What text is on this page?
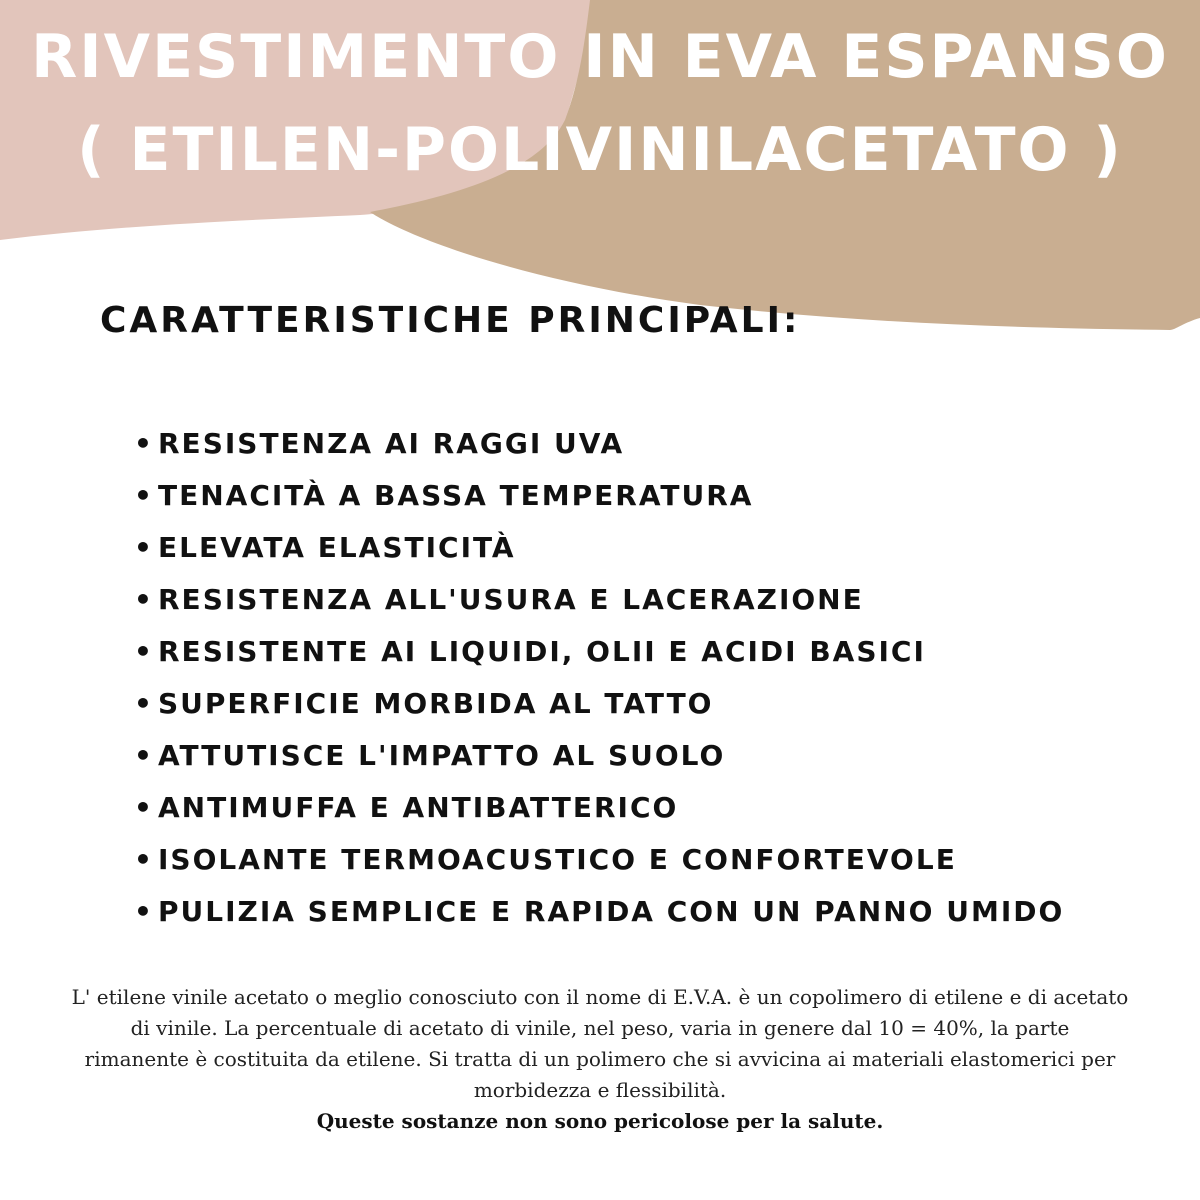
RIVESTIMENTO IN EVA ESPANSO
( ETILEN-POLIVINILACETATO )
CARATTERISTICHE PRINCIPALI:
• RESISTENZA AI RAGGI UVA
• TENACITÀ A BASSA TEMPERATURA
• ELEVATA ELASTICITÀ
• RESISTENZA ALL'USURA E LACERAZIONE
• RESISTENTE AI LIQUIDI, OLII E ACIDI BASICI
• SUPERFICIE MORBIDA AL TATTO
• ATTUTISCE L'IMPATTO AL SUOLO
• ANTIMUFFA E ANTIBATTERICO
• ISOLANTE TERMOACUSTICO E CONFORTEVOLE
• PULIZIA SEMPLICE E RAPIDA CON UN PANNO UMIDO

L' etilene vinile acetato o meglio conosciuto con il nome di E.V.A. è un copolimero di etilene e di acetato

di vinile. La percentuale di acetato di vinile, nel peso, varia in genere dal 10 = 40%, la parte

rimanente è costituita da etilene. Si tratta di un polimero che si avvicina ai materiali elastomerici per

morbidezza e flessibilità.

Queste sostanze non sono pericolose per la salute.
